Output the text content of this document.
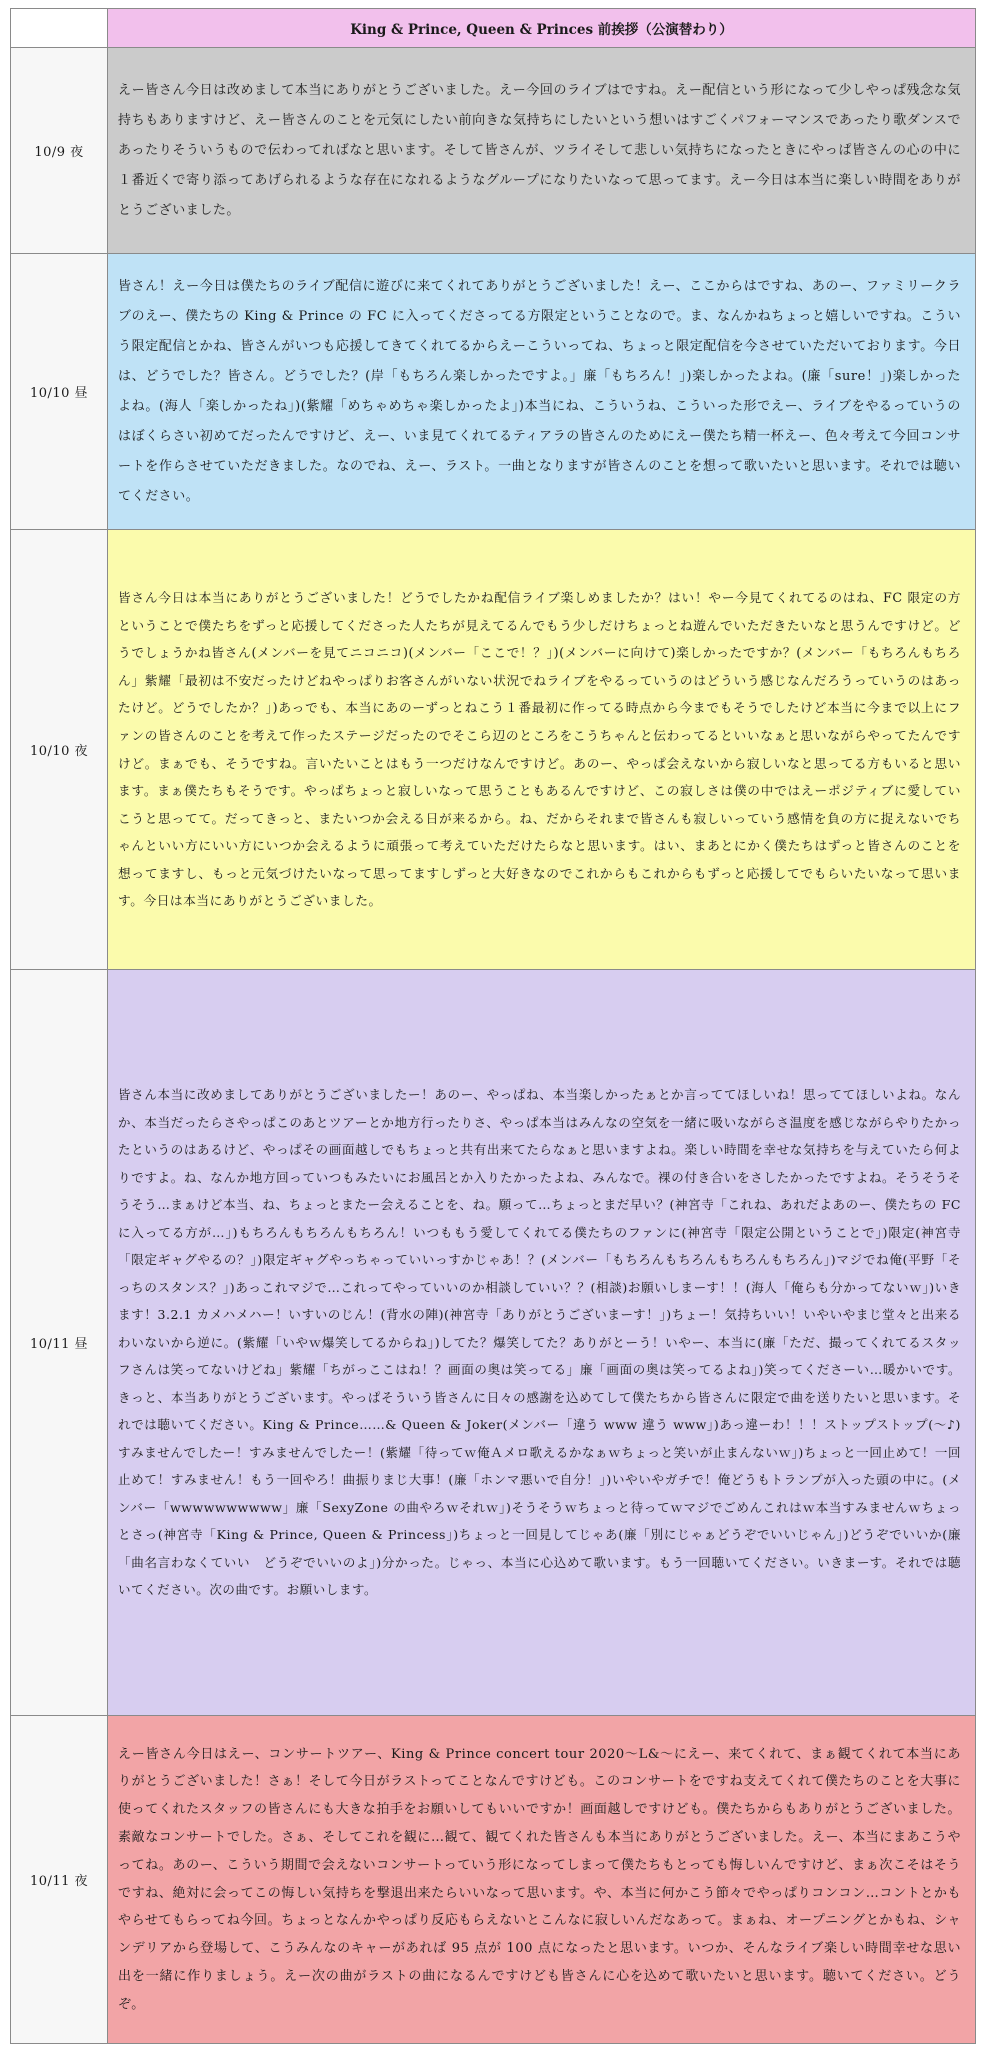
	King & Prince, Queen & Princes 前挨拶（公演替わり）
10/9 夜	えー皆さん今日は改めまして本当にありがとうございました。えー今回のライブはですね。えー配信という形になって少しやっぱ残念な気持ちもありますけど、えー皆さんのことを元気にしたい前向きな気持ちにしたいという想いはすごくパフォーマンスであったり歌ダンスであったりそういうもので伝わってればなと思います。そして皆さんが、ツライそして悲しい気持ちになったときにやっぱ皆さんの心の中に１番近くで寄り添ってあげられるような存在になれるようなグループになりたいなって思ってます。えー今日は本当に楽しい時間をありがとうございました。
10/10 昼	皆さん！えー今日は僕たちのライブ配信に遊びに来てくれてありがとうございました！えー、ここからはですね、あのー、ファミリークラブのえー、僕たちの King & Prince の FC に入ってくださってる方限定ということなので。ま、なんかねちょっと嬉しいですね。こういう限定配信とかね、皆さんがいつも応援してきてくれてるからえーこういってね、ちょっと限定配信を今させていただいております。今日は、どうでした？皆さん。どうでした？(岸「もちろん楽しかったですよ。」廉「もちろん！」)楽しかったよね。(廉「sure！」)楽しかったよね。(海人「楽しかったね」)(紫耀「めちゃめちゃ楽しかったよ」)本当にね、こういうね、こういった形でえー、ライブをやるっていうのはぼくらさい初めてだったんですけど、えー、いま見てくれてるティアラの皆さんのためにえー僕たち精一杯えー、色々考えて今回コンサートを作らさせていただきました。なのでね、えー、ラスト。一曲となりますが皆さんのことを想って歌いたいと思います。それでは聴いてください。
10/10 夜	皆さん今日は本当にありがとうございました！どうでしたかね配信ライブ楽しめましたか？はい！やー今見てくれてるのはね、FC 限定の方ということで僕たちをずっと応援してくださった人たちが見えてるんでもう少しだけちょっとね遊んでいただきたいなと思うんですけど。どうでしょうかね皆さん(メンバーを見てニコニコ)(メンバー「ここで！？」)(メンバーに向けて)楽しかったですか？(メンバー「もちろんもちろん」紫耀「最初は不安だったけどねやっぱりお客さんがいない状況でねライブをやるっていうのはどういう感じなんだろうっていうのはあったけど。どうでしたか？」)あっでも、本当にあのーずっとねこう１番最初に作ってる時点から今までもそうでしたけど本当に今まで以上にファンの皆さんのことを考えて作ったステージだったのでそこら辺のところをこうちゃんと伝わってるといいなぁと思いながらやってたんですけど。まぁでも、そうですね。言いたいことはもう一つだけなんですけど。あのー、やっぱ会えないから寂しいなと思ってる方もいると思います。まぁ僕たちもそうです。やっぱちょっと寂しいなって思うこともあるんですけど、この寂しさは僕の中ではえーポジティブに愛していこうと思ってて。だってきっと、またいつか会える日が来るから。ね、だからそれまで皆さんも寂しいっていう感情を負の方に捉えないでちゃんといい方にいい方にいつか会えるように頑張って考えていただけたらなと思います。はい、まあとにかく僕たちはずっと皆さんのことを想ってますし、もっと元気づけたいなって思ってますしずっと大好きなのでこれからもこれからもずっと応援してでもらいたいなって思います。今日は本当にありがとうございました。
10/11 昼	皆さん本当に改めましてありがとうございましたー！あのー、やっぱね、本当楽しかったぁとか言っててほしいね！思っててほしいよね。なんか、本当だったらさやっぱこのあとツアーとか地方行ったりさ、やっぱ本当はみんなの空気を一緒に吸いながらさ温度を感じながらやりたかったというのはあるけど、やっぱその画面越しでもちょっと共有出来てたらなぁと思いますよね。楽しい時間を幸せな気持ちを与えていたら何よりですよ。ね、なんか地方回っていつもみたいにお風呂とか入りたかったよね、みんなで。裸の付き合いをさしたかったですよね。そうそうそうそう…まぁけど本当、ね、ちょっとまたー会えることを、ね。願って…ちょっとまだ早い？(神宮寺「これね、あれだよあのー、僕たちの FC に入ってる方が…」)もちろんもちろんもちろん！いつももう愛してくれてる僕たちのファンに(神宮寺「限定公開ということで」)限定(神宮寺「限定ギャグやるの？」)限定ギャグやっちゃっていいっすかじゃあ！？(メンバー「もちろんもちろんもちろんもちろん」)マジでね俺(平野「そっちのスタンス？」)あっこれマジで…これってやっていいのか相談していい？？(相談)お願いしまーす！！(海人「俺らも分かってないｗ」)いきます！3.2.1 カメハメハー！いすいのじん！(背水の陣)(神宮寺「ありがとうございまーす！」)ちょー！気持ちいい！いやいやまじ堂々と出来るわいないから逆に。(紫耀「いやｗ爆笑してるからね」)してた？爆笑してた？ありがとーう！いやー、本当に(廉「ただ、撮ってくれてるスタッフさんは笑ってないけどね」紫耀「ちがっここはね！？画面の奥は笑ってる」廉「画面の奥は笑ってるよね」)笑ってくださーい…暖かいです。きっと、本当ありがとうございます。やっぱそういう皆さんに日々の感謝を込めてして僕たちから皆さんに限定で曲を送りたいと思います。それでは聴いてください。King & Prince……& Queen & Joker(メンバー「違う www 違う www」)あっ違ーわ！！！ストップストップ(〜♪)すみませんでしたー！すみませんでしたー！(紫耀「待ってｗ俺Ａメロ歌えるかなぁｗちょっと笑いが止まんないｗ」)ちょっと一回止めて！一回止めて！すみません！もう一回やろ！曲振りまじ大事！(廉「ホンマ悪いで自分！」)いやいやガチで！俺どうもトランプが入った頭の中に。(メンバー「wwwwwwwwww」廉「SexyZone の曲やろｗそれｗ」)そうそうｗちょっと待ってｗマジでごめんこれはｗ本当すみませんｗちょっとさっ(神宮寺「King & Prince, Queen & Princess」)ちょっと一回見してじゃあ(廉「別にじゃぁどうぞでいいじゃん」)どうぞでいいか(廉「曲名言わなくていい　どうぞでいいのよ」)分かった。じゃっ、本当に心込めて歌います。もう一回聴いてください。いきまーす。それでは聴いてください。次の曲です。お願いします。
10/11 夜	えー皆さん今日はえー、コンサートツアー、King & Prince concert tour 2020〜L&〜にえー、来てくれて、まぁ観てくれて本当にありがとうございました！さぁ！そして今日がラストってことなんですけども。このコンサートをですね支えてくれて僕たちのことを大事に使ってくれたスタッフの皆さんにも大きな拍手をお願いしてもいいですか！画面越しですけども。僕たちからもありがとうございました。素敵なコンサートでした。さぁ、そしてこれを観に…観て、観てくれた皆さんも本当にありがとうございました。えー、本当にまあこうやってね。あのー、こういう期間で会えないコンサートっていう形になってしまって僕たちもとっても悔しいんですけど、まぁ次こそはそうですね、絶対に会ってこの悔しい気持ちを撃退出来たらいいなって思います。や、本当に何かこう節々でやっぱりコンコン…コントとかもやらせてもらってね今回。ちょっとなんかやっぱり反応もらえないとこんなに寂しいんだなあって。まぁね、オープニングとかもね、シャンデリアから登場して、こうみんなのキャーがあれば 95 点が 100 点になったと思います。いつか、そんなライブ楽しい時間幸せな思い出を一緒に作りましょう。えー次の曲がラストの曲になるんですけども皆さんに心を込めて歌いたいと思います。聴いてください。どうぞ。
